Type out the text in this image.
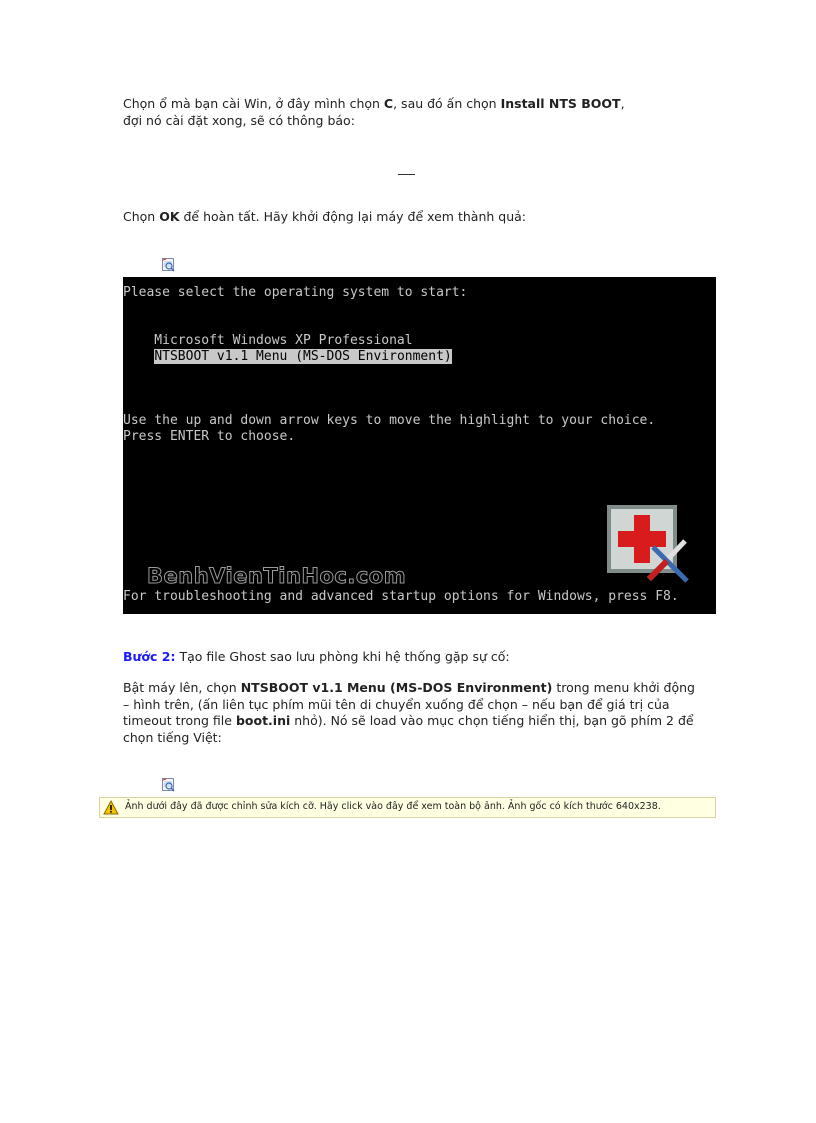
Chọn ổ mà bạn cài Win, ở đây mình chọn C, sau đó ấn chọn Install NTS BOOT,
đợi nó cài đặt xong, sẽ có thông báo:

Chọn OK để hoàn tất. Hãy khởi động lại máy để xem thành quả:

Please select the operating system to start:
Microsoft Windows XP Professional
NTSBOOT v1.1 Menu (MS-DOS Environment)
Use the up and down arrow keys to move the highlight to your choice.
Press ENTER to choose.
BenhVienTinHoc.com
For troubleshooting and advanced startup options for Windows, press F8.

Bước 2: Tạo file Ghost sao lưu phòng khi hệ thống gặp sự cố:

Bật máy lên, chọn NTSBOOT v1.1 Menu (MS-DOS Environment) trong menu khởi động – hình trên, (ấn liên tục phím mũi tên di chuyển xuống để chọn – nếu bạn để giá trị của timeout trong file boot.ini nhỏ). Nó sẽ load vào mục chọn tiếng hiển thị, bạn gõ phím 2 để chọn tiếng Việt:

Ảnh dưới đây đã được chỉnh sửa kích cỡ. Hãy click vào đây để xem toàn bộ ảnh. Ảnh gốc có kích thước 640x238.
